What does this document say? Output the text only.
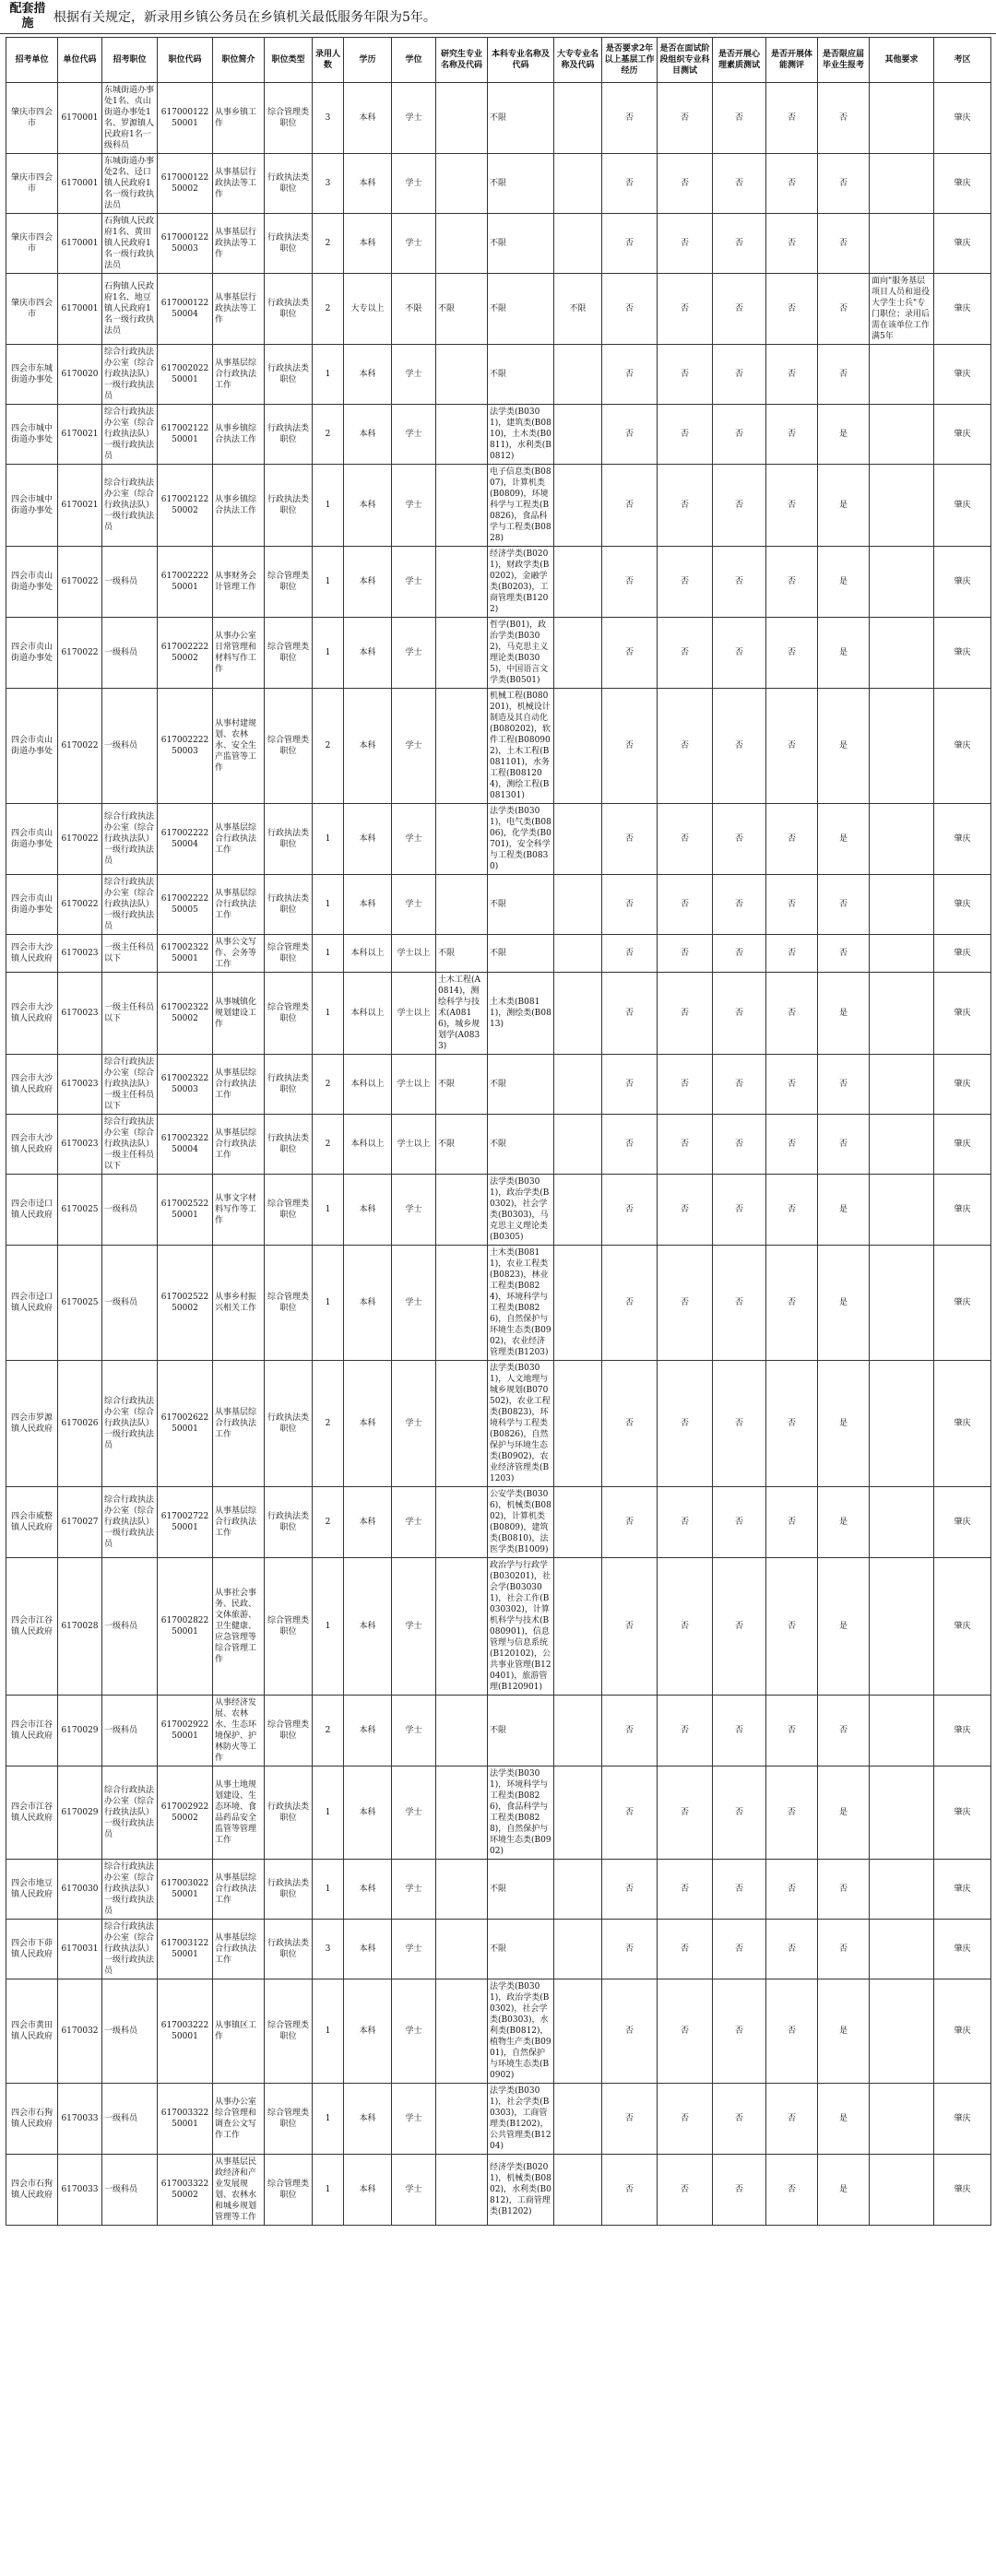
配套措施	根据有关规定，新录用乡镇公务员在乡镇机关最低服务年限为5年。
招考单位	单位代码	招考职位	职位代码	职位简介	职位类型	录用人数	学历	学位	研究生专业名称及代码	本科专业名称及代码	大专专业名称及代码	是否要求2年以上基层工作经历	是否在面试阶段组织专业科目测试	是否开展心理素质测试	是否开展体能测评	是否限应届毕业生报考	其他要求	考区
肇庆市四会市	6170001	东城街道办事处1名、贞山街道办事处1名、罗源镇人民政府1名一级科员	61700012250001	从事乡镇工作	综合管理类职位	3	本科	学士		不限		否	否	否	否	否		肇庆
肇庆市四会市	6170001	东城街道办事处2名、迳口镇人民政府1名一级行政执法员	61700012250002	从事基层行政执法等工作	行政执法类职位	3	本科	学士		不限		否	否	否	否	否		肇庆
肇庆市四会市	6170001	石狗镇人民政府1名、黄田镇人民政府1名一级行政执法员	61700012250003	从事基层行政执法等工作	行政执法类职位	2	本科	学士		不限		否	否	否	否	否		肇庆
肇庆市四会市	6170001	石狗镇人民政府1名、地豆镇人民政府1名一级行政执法员	61700012250004	从事基层行政执法等工作	行政执法类职位	2	大专以上	不限	不限	不限	不限	否	否	否	否	否	面向"服务基层项目人员和退役大学生士兵"专门职位；录用后需在该单位工作满5年	肇庆
四会市东城街道办事处	6170020	综合行政执法办公室（综合行政执法队）一级行政执法员	61700202250001	从事基层综合行政执法工作	行政执法类职位	1	本科	学士		不限		否	否	否	否	否		肇庆
四会市城中街道办事处	6170021	综合行政执法办公室（综合行政执法队）一级行政执法员	61700212250001	从事乡镇综合执法工作	行政执法类职位	2	本科	学士		法学类(B0301)，建筑类(B0810)，土木类(B0811)，水利类(B0812)		否	否	否	否	是		肇庆
四会市城中街道办事处	6170021	综合行政执法办公室（综合行政执法队）一级行政执法员	61700212250002	从事乡镇综合执法工作	行政执法类职位	1	本科	学士		电子信息类(B0807)，计算机类(B0809)，环境科学与工程类(B0826)，食品科学与工程类(B0828)		否	否	否	否	是		肇庆
四会市贞山街道办事处	6170022	一级科员	61700222250001	从事财务会计管理工作	综合管理类职位	1	本科	学士		经济学类(B0201)，财政学类(B0202)，金融学类(B0203)，工商管理类(B1202)		否	否	否	否	是		肇庆
四会市贞山街道办事处	6170022	一级科员	61700222250002	从事办公室日常管理和材料写作工作	综合管理类职位	1	本科	学士		哲学(B01)，政治学类(B0302)，马克思主义理论类(B0305)，中国语言文学类(B0501)		否	否	否	否	是		肇庆
四会市贞山街道办事处	6170022	一级科员	61700222250003	从事村建规划、农林水、安全生产监管等工作	综合管理类职位	2	本科	学士		机械工程(B080201)，机械设计制造及其自动化(B080202)，软件工程(B080902)，土木工程(B081101)，水务工程(B081204)，测绘工程(B081301)		否	否	否	否	是		肇庆
四会市贞山街道办事处	6170022	综合行政执法办公室（综合行政执法队）一级行政执法员	61700222250004	从事基层综合行政执法工作	行政执法类职位	1	本科	学士		法学类(B0301)，电气类(B0806)，化学类(B0701)，安全科学与工程类(B0830)		否	否	否	否	是		肇庆
四会市贞山街道办事处	6170022	综合行政执法办公室（综合行政执法队）一级行政执法员	61700222250005	从事基层综合行政执法工作	行政执法类职位	1	本科	学士		不限		否	否	否	否	否		肇庆
四会市大沙镇人民政府	6170023	一级主任科员以下	61700232250001	从事公文写作、会务等工作	综合管理类职位	1	本科以上	学士以上	不限	不限		否	否	否	否	否		肇庆
四会市大沙镇人民政府	6170023	一级主任科员以下	61700232250002	从事城镇化规划建设工作	综合管理类职位	1	本科以上	学士以上	土木工程(A0814)，测绘科学与技术(A0816)，城乡规划学(A0833)	土木类(B0811)，测绘类(B0813)		否	否	否	否	是		肇庆
四会市大沙镇人民政府	6170023	综合行政执法办公室（综合行政执法队）一级主任科员以下	61700232250003	从事基层综合行政执法工作	行政执法类职位	2	本科以上	学士以上	不限	不限		否	否	否	否	否		肇庆
四会市大沙镇人民政府	6170023	综合行政执法办公室（综合行政执法队）一级主任科员以下	61700232250004	从事基层综合行政执法工作	行政执法类职位	2	本科以上	学士以上	不限	不限		否	否	否	否	否		肇庆
四会市迳口镇人民政府	6170025	一级科员	61700252250001	从事文字材料写作等工作	综合管理类职位	1	本科	学士		法学类(B0301)，政治学类(B0302)，社会学类(B0303)，马克思主义理论类(B0305)		否	否	否	否	是		肇庆
四会市迳口镇人民政府	6170025	一级科员	61700252250002	从事乡村振兴相关工作	综合管理类职位	1	本科	学士		土木类(B0811)，农业工程类(B0823)，林业工程类(B0824)，环境科学与工程类(B0826)，自然保护与环境生态类(B0902)，农业经济管理类(B1203)		否	否	否	否	是		肇庆
四会市罗源镇人民政府	6170026	综合行政执法办公室（综合行政执法队）一级行政执法员	61700262250001	从事基层综合行政执法工作	行政执法类职位	2	本科	学士		法学类(B0301)，人文地理与城乡规划(B070502)，农业工程类(B0823)，环境科学与工程类(B0826)，自然保护与环境生态类(B0902)，农业经济管理类(B1203)		否	否	否	否	是		肇庆
四会市威整镇人民政府	6170027	综合行政执法办公室（综合行政执法队）一级行政执法员	61700272250001	从事基层综合行政执法工作	行政执法类职位	2	本科	学士		公安学类(B0306)，机械类(B0802)，计算机类(B0809)，建筑类(B0810)，法医学类(B1009)		否	否	否	否	是		肇庆
四会市江谷镇人民政府	6170028	一级科员	61700282250001	从事社会事务、民政、文体旅游、卫生健康、应急管理等综合管理工作	综合管理类职位	1	本科	学士		政治学与行政学(B030201)，社会学(B030301)，社会工作(B030302)，计算机科学与技术(B080901)，信息管理与信息系统(B120102)，公共事业管理(B120401)，旅游管理(B120901)		否	否	否	否	是		肇庆
四会市江谷镇人民政府	6170029	一级科员	61700292250001	从事经济发展、农林水、生态环境保护、护林防火等工作	综合管理类职位	2	本科	学士		不限		否	否	否	否	否		肇庆
四会市江谷镇人民政府	6170029	综合行政执法办公室（综合行政执法队）一级行政执法员	61700292250002	从事土地规划建设、生态环境、食品药品安全监管等管理工作	行政执法类职位	1	本科	学士		法学类(B0301)，环境科学与工程类(B0826)，食品科学与工程类(B0828)，自然保护与环境生态类(B0902)		否	否	否	否	是		肇庆
四会市地豆镇人民政府	6170030	综合行政执法办公室（综合行政执法队）一级行政执法员	61700302250001	从事基层综合行政执法工作	行政执法类职位	1	本科	学士		不限		否	否	否	否	否		肇庆
四会市下茆镇人民政府	6170031	综合行政执法办公室（综合行政执法队）一级行政执法员	61700312250001	从事基层综合行政执法工作	行政执法类职位	3	本科	学士		不限		否	否	否	否	否		肇庆
四会市黄田镇人民政府	6170032	一级科员	61700322250001	从事镇区工作	综合管理类职位	1	本科	学士		法学类(B0301)，政治学类(B0302)，社会学类(B0303)，水利类(B0812)，植物生产类(B0901)，自然保护与环境生态类(B0902)		否	否	否	否	是		肇庆
四会市石狗镇人民政府	6170033	一级科员	61700332250001	从事办公室综合管理和调查公文写作工作	综合管理类职位	1	本科	学士		法学类(B0301)，社会学类(B0303)，工商管理类(B1202)，公共管理类(B1204)		否	否	否	否	是		肇庆
四会市石狗镇人民政府	6170033	一级科员	61700332250002	从事基层民政经济和产业发展规划、农林水和城乡规划管理等工作	综合管理类职位	1	本科	学士		经济学类(B0201)，机械类(B0802)，水利类(B0812)，工商管理类(B1202)		否	否	否	否	是		肇庆
